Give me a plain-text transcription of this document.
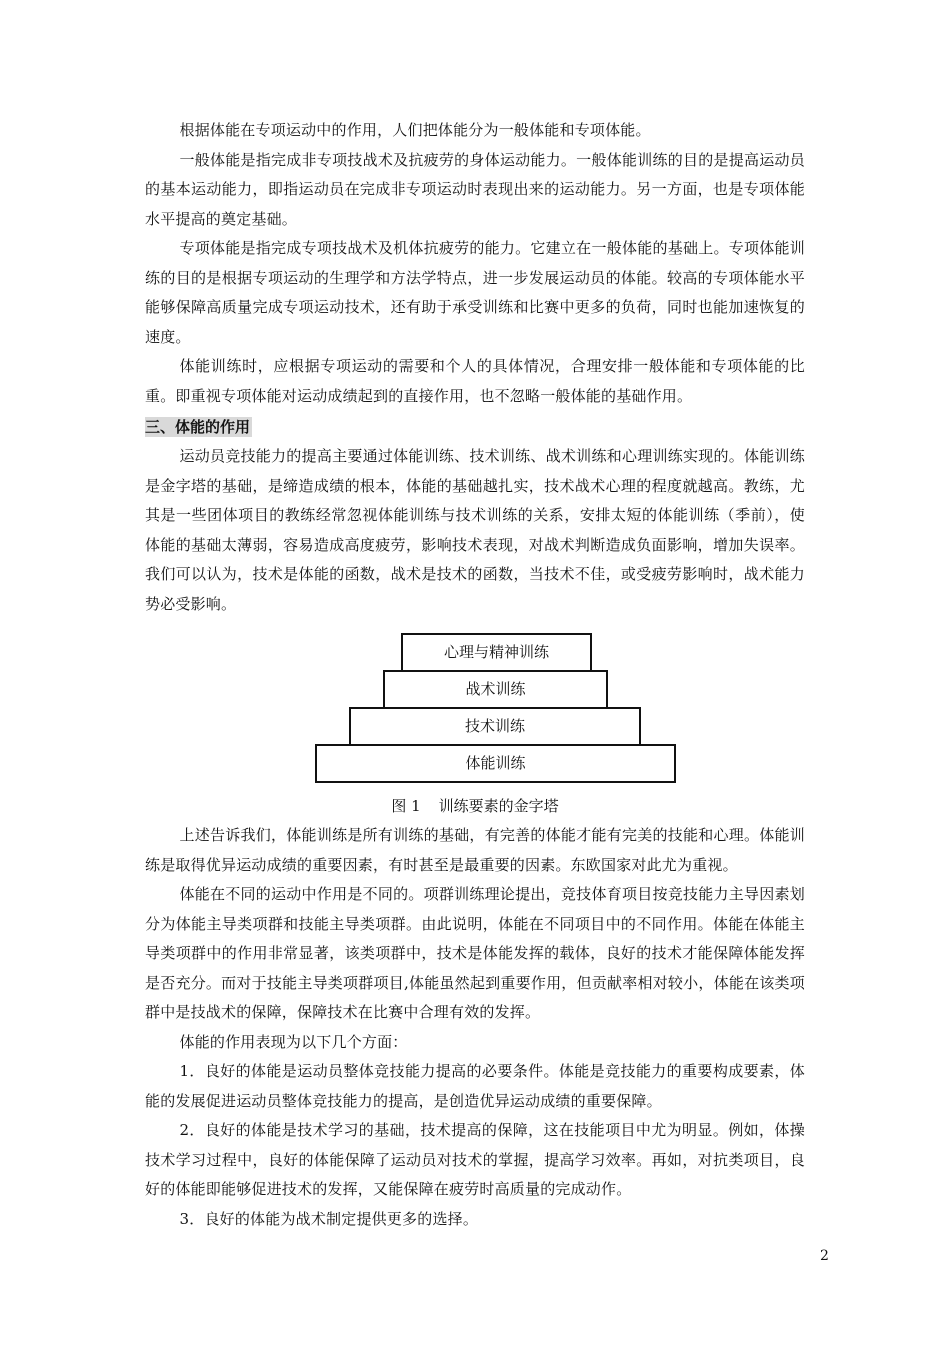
根据体能在专项运动中的作用，人们把体能分为一般体能和专项体能。

一般体能是指完成非专项技战术及抗疲劳的身体运动能力。一般体能训练的目的是提高运动员的基本运动能力，即指运动员在完成非专项运动时表现出来的运动能力。另一方面，也是专项体能水平提高的奠定基础。

专项体能是指完成专项技战术及机体抗疲劳的能力。它建立在一般体能的基础上。专项体能训练的目的是根据专项运动的生理学和方法学特点，进一步发展运动员的体能。较高的专项体能水平能够保障高质量完成专项运动技术，还有助于承受训练和比赛中更多的负荷，同时也能加速恢复的速度。

体能训练时，应根据专项运动的需要和个人的具体情况，合理安排一般体能和专项体能的比重。即重视专项体能对运动成绩起到的直接作用，也不忽略一般体能的基础作用。

三、体能的作用

运动员竞技能力的提高主要通过体能训练、技术训练、战术训练和心理训练实现的。体能训练是金字塔的基础，是缔造成绩的根本，体能的基础越扎实，技术战术心理的程度就越高。教练，尤其是一些团体项目的教练经常忽视体能训练与技术训练的关系，安排太短的体能训练（季前），使体能的基础太薄弱，容易造成高度疲劳，影响技术表现，对战术判断造成负面影响，增加失误率。我们可以认为，技术是体能的函数，战术是技术的函数，当技术不佳，或受疲劳影响时，战术能力势必受影响。

心理与精神训练
战术训练
技术训练
体能训练
图 1 训练要素的金字塔

上述告诉我们，体能训练是所有训练的基础，有完善的体能才能有完美的技能和心理。体能训练是取得优异运动成绩的重要因素，有时甚至是最重要的因素。东欧国家对此尤为重视。

体能在不同的运动中作用是不同的。项群训练理论提出，竞技体育项目按竞技能力主导因素划分为体能主导类项群和技能主导类项群。由此说明，体能在不同项目中的不同作用。体能在体能主导类项群中的作用非常显著，该类项群中，技术是体能发挥的载体，良好的技术才能保障体能发挥是否充分。而对于技能主导类项群项目,体能虽然起到重要作用，但贡献率相对较小，体能在该类项群中是技战术的保障，保障技术在比赛中合理有效的发挥。

体能的作用表现为以下几个方面：

1．良好的体能是运动员整体竞技能力提高的必要条件。体能是竞技能力的重要构成要素，体能的发展促进运动员整体竞技能力的提高，是创造优异运动成绩的重要保障。

2．良好的体能是技术学习的基础，技术提高的保障，这在技能项目中尤为明显。例如，体操技术学习过程中，良好的体能保障了运动员对技术的掌握，提高学习效率。再如，对抗类项目，良好的体能即能够促进技术的发挥，又能保障在疲劳时高质量的完成动作。

3．良好的体能为战术制定提供更多的选择。

2
